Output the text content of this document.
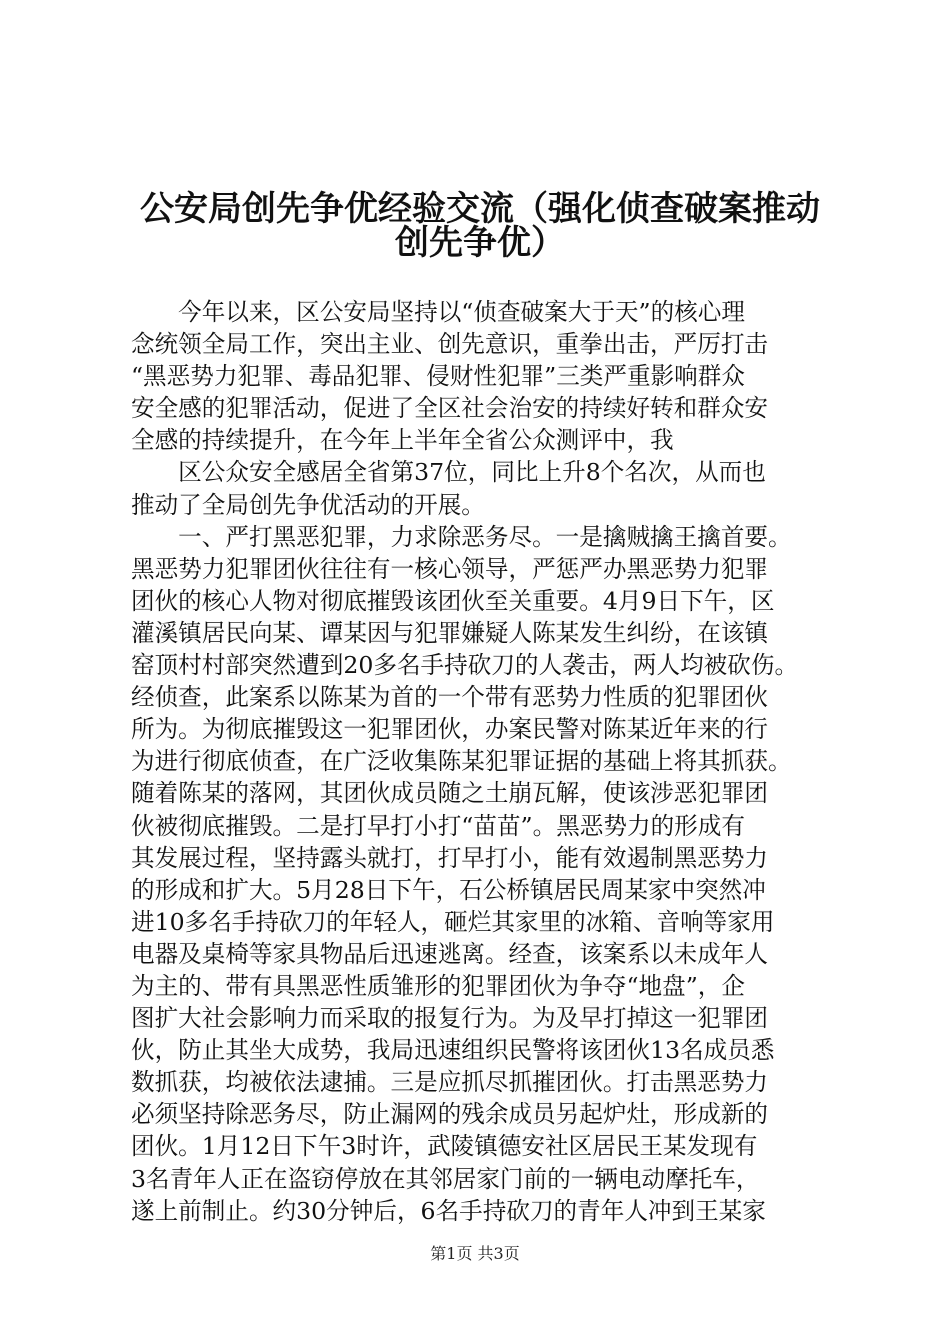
公安局创先争优经验交流（强化侦查破案推动
创先争优）
　　今年以来，区公安局坚持以“侦查破案大于天”的核心理
念统领全局工作，突出主业、创先意识，重拳出击，严厉打击
“黑恶势力犯罪、毒品犯罪、侵财性犯罪”三类严重影响群众
安全感的犯罪活动，促进了全区社会治安的持续好转和群众安
全感的持续提升，在今年上半年全省公众测评中，我
　　区公众安全感居全省第37位，同比上升8个名次，从而也
推动了全局创先争优活动的开展。
　　一、严打黑恶犯罪，力求除恶务尽。一是擒贼擒王擒首要。
黑恶势力犯罪团伙往往有一核心领导，严惩严办黑恶势力犯罪
团伙的核心人物对彻底摧毁该团伙至关重要。4月9日下午，区
灌溪镇居民向某、谭某因与犯罪嫌疑人陈某发生纠纷，在该镇
窑顶村村部突然遭到20多名手持砍刀的人袭击，两人均被砍伤。
经侦查，此案系以陈某为首的一个带有恶势力性质的犯罪团伙
所为。为彻底摧毁这一犯罪团伙，办案民警对陈某近年来的行
为进行彻底侦查，在广泛收集陈某犯罪证据的基础上将其抓获。
随着陈某的落网，其团伙成员随之土崩瓦解，使该涉恶犯罪团
伙被彻底摧毁。二是打早打小打“苗苗”。黑恶势力的形成有
其发展过程，坚持露头就打，打早打小，能有效遏制黑恶势力
的形成和扩大。5月28日下午，石公桥镇居民周某家中突然冲
进10多名手持砍刀的年轻人，砸烂其家里的冰箱、音响等家用
电器及桌椅等家具物品后迅速逃离。经查，该案系以未成年人
为主的、带有具黑恶性质雏形的犯罪团伙为争夺“地盘”，企
图扩大社会影响力而采取的报复行为。为及早打掉这一犯罪团
伙，防止其坐大成势，我局迅速组织民警将该团伙13名成员悉
数抓获，均被依法逮捕。三是应抓尽抓摧团伙。打击黑恶势力
必须坚持除恶务尽，防止漏网的残余成员另起炉灶，形成新的
团伙。1月12日下午3时许，武陵镇德安社区居民王某发现有
3名青年人正在盗窃停放在其邻居家门前的一辆电动摩托车，
遂上前制止。约30分钟后，6名手持砍刀的青年人冲到王某家
第1页 共3页
